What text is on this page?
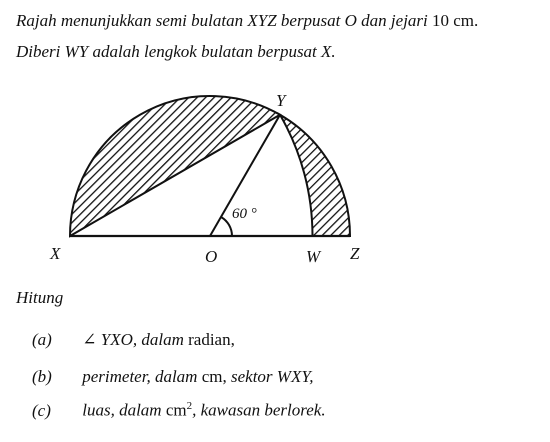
Rajah menunjukkan semi bulatan XYZ berpusat O dan jejari 10 cm.
Diberi WY adalah lengkok bulatan berpusat X.
Y
X	O	W Z
60 °
Hitung
(a) ∠ YXO, dalam radian,
(b) perimeter, dalam cm, sektor WXY,
(c) luas, dalam $cm^2$, kawasan berlorek.
